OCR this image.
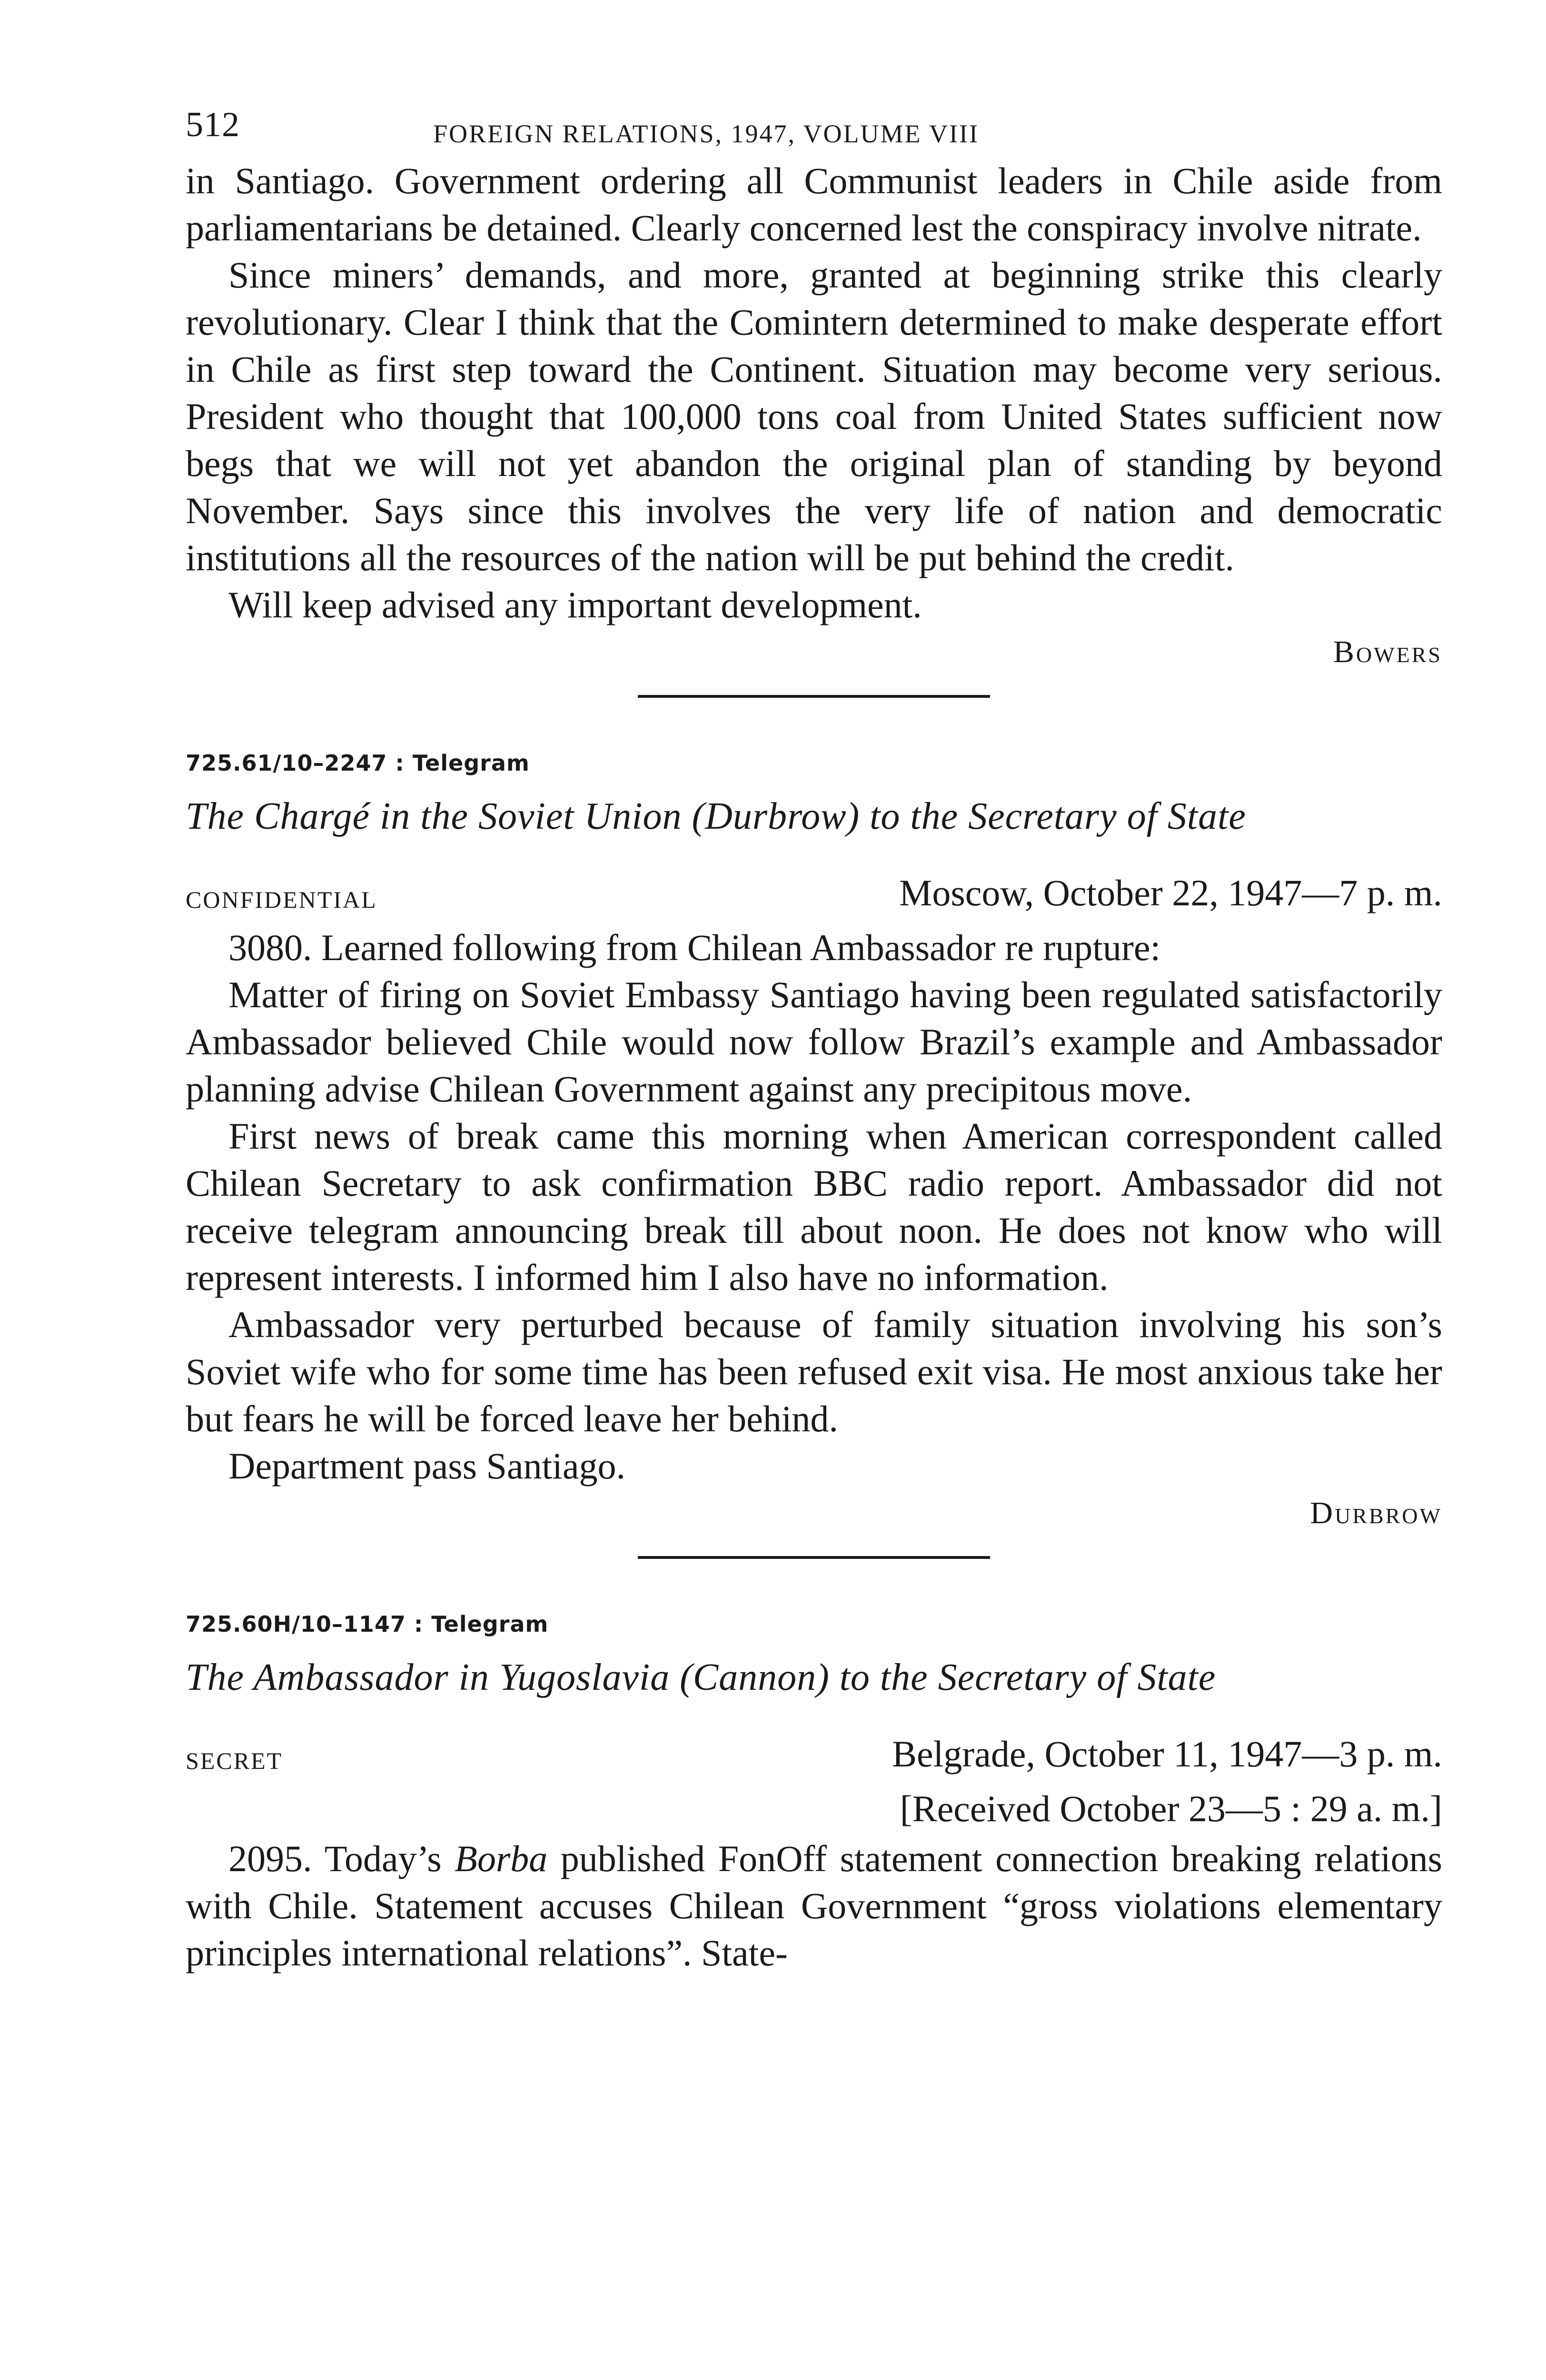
512	FOREIGN RELATIONS, 1947, VOLUME VIII

in Santiago. Government ordering all Communist leaders in Chile aside from parliamentarians be detained. Clearly concerned lest the conspiracy involve nitrate.

Since miners’ demands, and more, granted at beginning strike this clearly revolutionary. Clear I think that the Comintern determined to make desperate effort in Chile as first step toward the Continent. Situation may become very serious. President who thought that 100,000 tons coal from United States sufficient now begs that we will not yet abandon the original plan of standing by beyond November. Says since this involves the very life of nation and democratic institutions all the resources of the nation will be put behind the credit.

Will keep advised any important development.

Bowers
725.61/10–2247 : Telegram
The Chargé in the Soviet Union (Durbrow) to the Secretary of State
CONFIDENTIAL	Moscow, October 22, 1947—7 p. m.

3080. Learned following from Chilean Ambassador re rupture:

Matter of firing on Soviet Embassy Santiago having been regulated satisfactorily Ambassador believed Chile would now follow Brazil’s example and Ambassador planning advise Chilean Government against any precipitous move.

First news of break came this morning when American correspondent called Chilean Secretary to ask confirmation BBC radio report. Ambassador did not receive telegram announcing break till about noon. He does not know who will represent interests. I informed him I also have no information.

Ambassador very perturbed because of family situation involving his son’s Soviet wife who for some time has been refused exit visa. He most anxious take her but fears he will be forced leave her behind.

Department pass Santiago.

Durbrow
725.60H/10–1147 : Telegram
The Ambassador in Yugoslavia (Cannon) to the Secretary of State
SECRET	Belgrade, October 11, 1947—3 p. m.
[Received October 23—5 : 29 a. m.]

2095. Today’s Borba published FonOff statement connection breaking relations with Chile. Statement accuses Chilean Government “gross violations elementary principles international relations”. State-
